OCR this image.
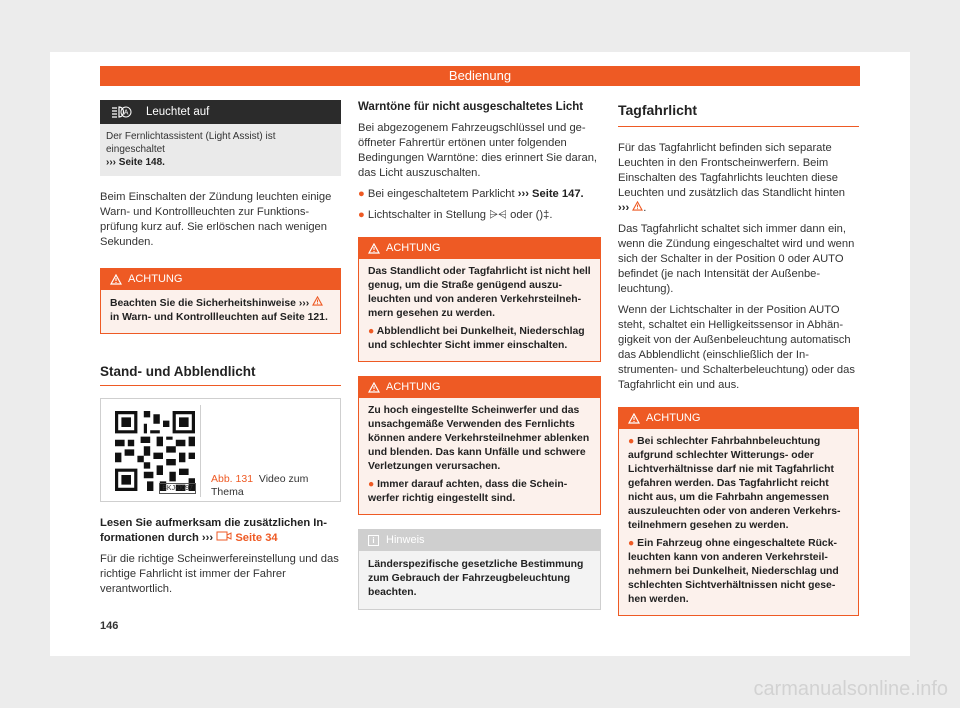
Bedienung
A Leuchtet auf
Der Fernlichtassistent (Light Assist) ist eingeschaltet
››› Seite 148.

Beim Einschalten der Zündung leuchten einige Warn- und Kontrollleuchten zur Funktionsprüfung kurz auf. Sie erlöschen nach wenigen Sekunden.

ACHTUNG
Beachten Sie die Sicherheitshinweise ›››
in Warn- und Kontrollleuchten auf Seite 121.
Stand- und Abblendlicht
BKJ-0097
Abb. 131 Video zum Thema

Lesen Sie aufmerksam die zusätzlichen Informationen durch ››› Seite 34

Für die richtige Scheinwerfereinstellung und das richtige Fahrlicht ist immer der Fahrer verantwortlich.

Warntöne für nicht ausgeschaltetes Licht

Bei abgezogenem Fahrzeugschlüssel und geöffneter Fahrertür ertönen unter folgenden Bedingungen Warntöne: dies erinnert Sie daran, das Licht auszuschalten.

● Bei eingeschaltetem Parklicht ››› Seite 147.

● Lichtschalter in Stellung ⩥⩤ oder ()‡.

ACHTUNG
Das Standlicht oder Tagfahrlicht ist nicht hell genug, um die Straße genügend auszuleuchten und von anderen Verkehrsteilnehmern gesehen zu werden.
● Abblendlicht bei Dunkelheit, Niederschlag und schlechter Sicht immer einschalten.
ACHTUNG
Zu hoch eingestellte Scheinwerfer und das unsachgemäße Verwenden des Fernlichts können andere Verkehrsteilnehmer ablenken und blenden. Das kann Unfälle und schwere Verletzungen verursachen.
● Immer darauf achten, dass die Scheinwerfer richtig eingestellt sind.
i	Hinweis
Länderspezifische gesetzliche Bestimmung zum Gebrauch der Fahrzeugbeleuchtung beachten.
Tagfahrlicht

Für das Tagfahrlicht befinden sich separate Leuchten in den Frontscheinwerfern. Beim Einschalten des Tagfahrlichts leuchten diese Leuchten und zusätzlich das Standlicht hinten ››› .

Das Tagfahrlicht schaltet sich immer dann ein, wenn die Zündung eingeschaltet wird und wenn sich der Schalter in der Position 0 oder AUTO befindet (je nach Intensität der Außenbeleuchtung).

Wenn der Lichtschalter in der Position AUTO steht, schaltet ein Helligkeitssensor in Abhängigkeit von der Außenbeleuchtung automatisch das Abblendlicht (einschließlich der Instrumenten- und Schalterbeleuchtung) oder das Tagfahrlicht ein und aus.

ACHTUNG
● Bei schlechter Fahrbahnbeleuchtung aufgrund schlechter Witterungs- oder Lichtverhältnisse darf nie mit Tagfahrlicht gefahren werden. Das Tagfahrlicht reicht nicht aus, um die Fahrbahn angemessen auszuleuchten oder von anderen Verkehrsteilnehmern gesehen zu werden.
● Ein Fahrzeug ohne eingeschaltete Rückleuchten kann von anderen Verkehrsteilnehmern bei Dunkelheit, Niederschlag und schlechten Sichtverhältnissen nicht gesehen werden.
146
carmanualsonline.info
